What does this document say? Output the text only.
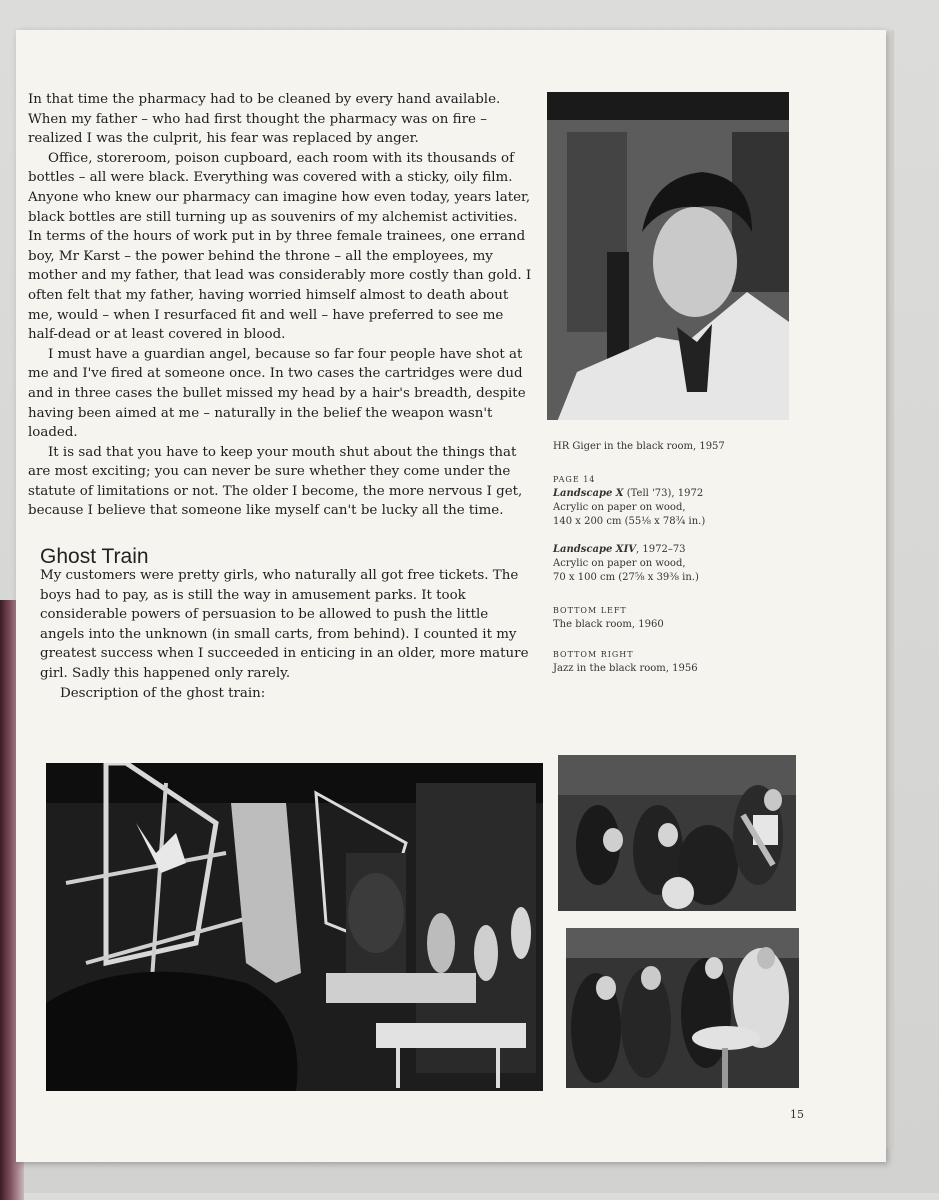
In that time the pharmacy had to be cleaned by every hand available. When my father – who had first thought the pharmacy was on fire – realized I was the culprit, his fear was replaced by anger.

Office, storeroom, poison cupboard, each room with its thousands of bottles – all were black. Everything was covered with a sticky, oily film. Anyone who knew our pharmacy can imagine how even today, years later, black bottles are still turning up as souvenirs of my alchemist activities. In terms of the hours of work put in by three female trainees, one errand boy, Mr Karst – the power behind the throne – all the employees, my mother and my father, that lead was considerably more costly than gold. I often felt that my father, having worried himself almost to death about me, would – when I resurfaced fit and well – have preferred to see me half-dead or at least covered in blood.

I must have a guardian angel, because so far four people have shot at me and I've fired at someone once. In two cases the cartridges were dud and in three cases the bullet missed my head by a hair's breadth, despite having been aimed at me – naturally in the belief the weapon wasn't loaded.

It is sad that you have to keep your mouth shut about the things that are most exciting; you can never be sure whether they come under the statute of limitations or not. The older I become, the more nervous I get, because I believe that someone like myself can't be lucky all the time.

HR Giger in the black room, 1957
PAGE 14
Landscape X (Tell '73), 1972
Acrylic on paper on wood,
140 x 200 cm (55⅛ x 78¾ in.)
Landscape XIV, 1972–73
Acrylic on paper on wood,
70 x 100 cm (27⅝ x 39⅜ in.)
BOTTOM LEFT
The black room, 1960
BOTTOM RIGHT
Jazz in the black room, 1956
Ghost Train

My customers were pretty girls, who naturally all got free tickets. The boys had to pay, as is still the way in amusement parks. It took considerable powers of persuasion to be allowed to push the little angels into the unknown (in small carts, from behind). I counted it my greatest success when I succeeded in enticing in an older, more mature girl. Sadly this happened only rarely.

Description of the ghost train:

15
